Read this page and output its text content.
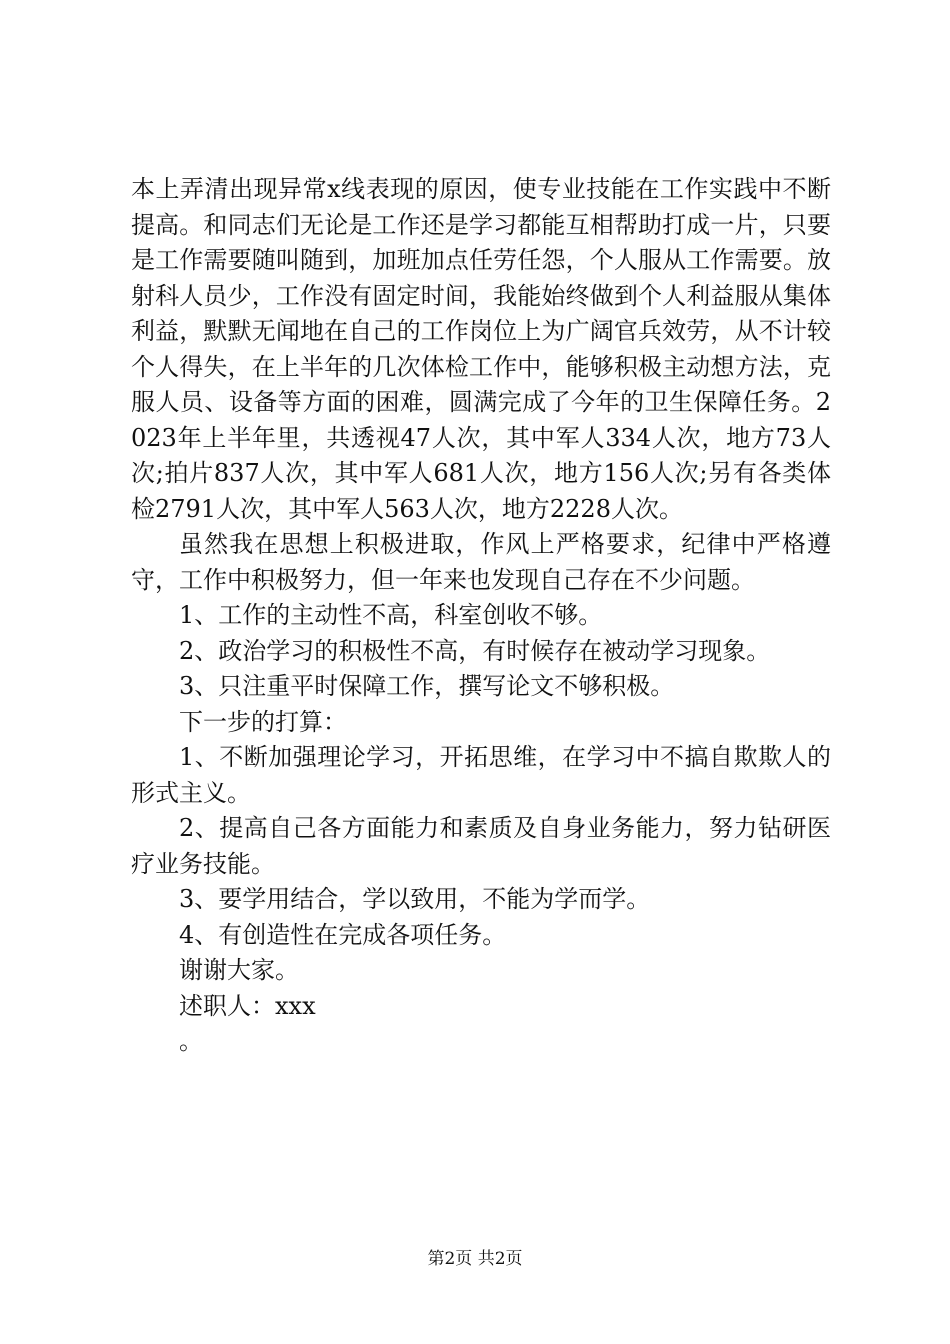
本上弄清出现异常x线表现的原因，使专业技能在工作实践中不断提高。和同志们无论是工作还是学习都能互相帮助打成一片，只要是工作需要随叫随到，加班加点任劳任怨，个人服从工作需要。放射科人员少，工作没有固定时间，我能始终做到个人利益服从集体利益，默默无闻地在自己的工作岗位上为广阔官兵效劳，从不计较个人得失，在上半年的几次体检工作中，能够积极主动想方法，克服人员、设备等方面的困难，圆满完成了今年的卫生保障任务。2023年上半年里，共透视47人次，其中军人334人次，地方73人次;拍片837人次，其中军人681人次，地方156人次;另有各类体检2791人次，其中军人563人次，地方2228人次。

虽然我在思想上积极进取，作风上严格要求，纪律中严格遵守，工作中积极努力，但一年来也发现自己存在不少问题。

1、工作的主动性不高，科室创收不够。

2、政治学习的积极性不高，有时候存在被动学习现象。

3、只注重平时保障工作，撰写论文不够积极。

下一步的打算：

1、不断加强理论学习，开拓思维，在学习中不搞自欺欺人的形式主义。

2、提高自己各方面能力和素质及自身业务能力，努力钻研医疗业务技能。

3、要学用结合，学以致用，不能为学而学。

4、有创造性在完成各项任务。

谢谢大家。

述职人：xxx

。

第2页 共2页
